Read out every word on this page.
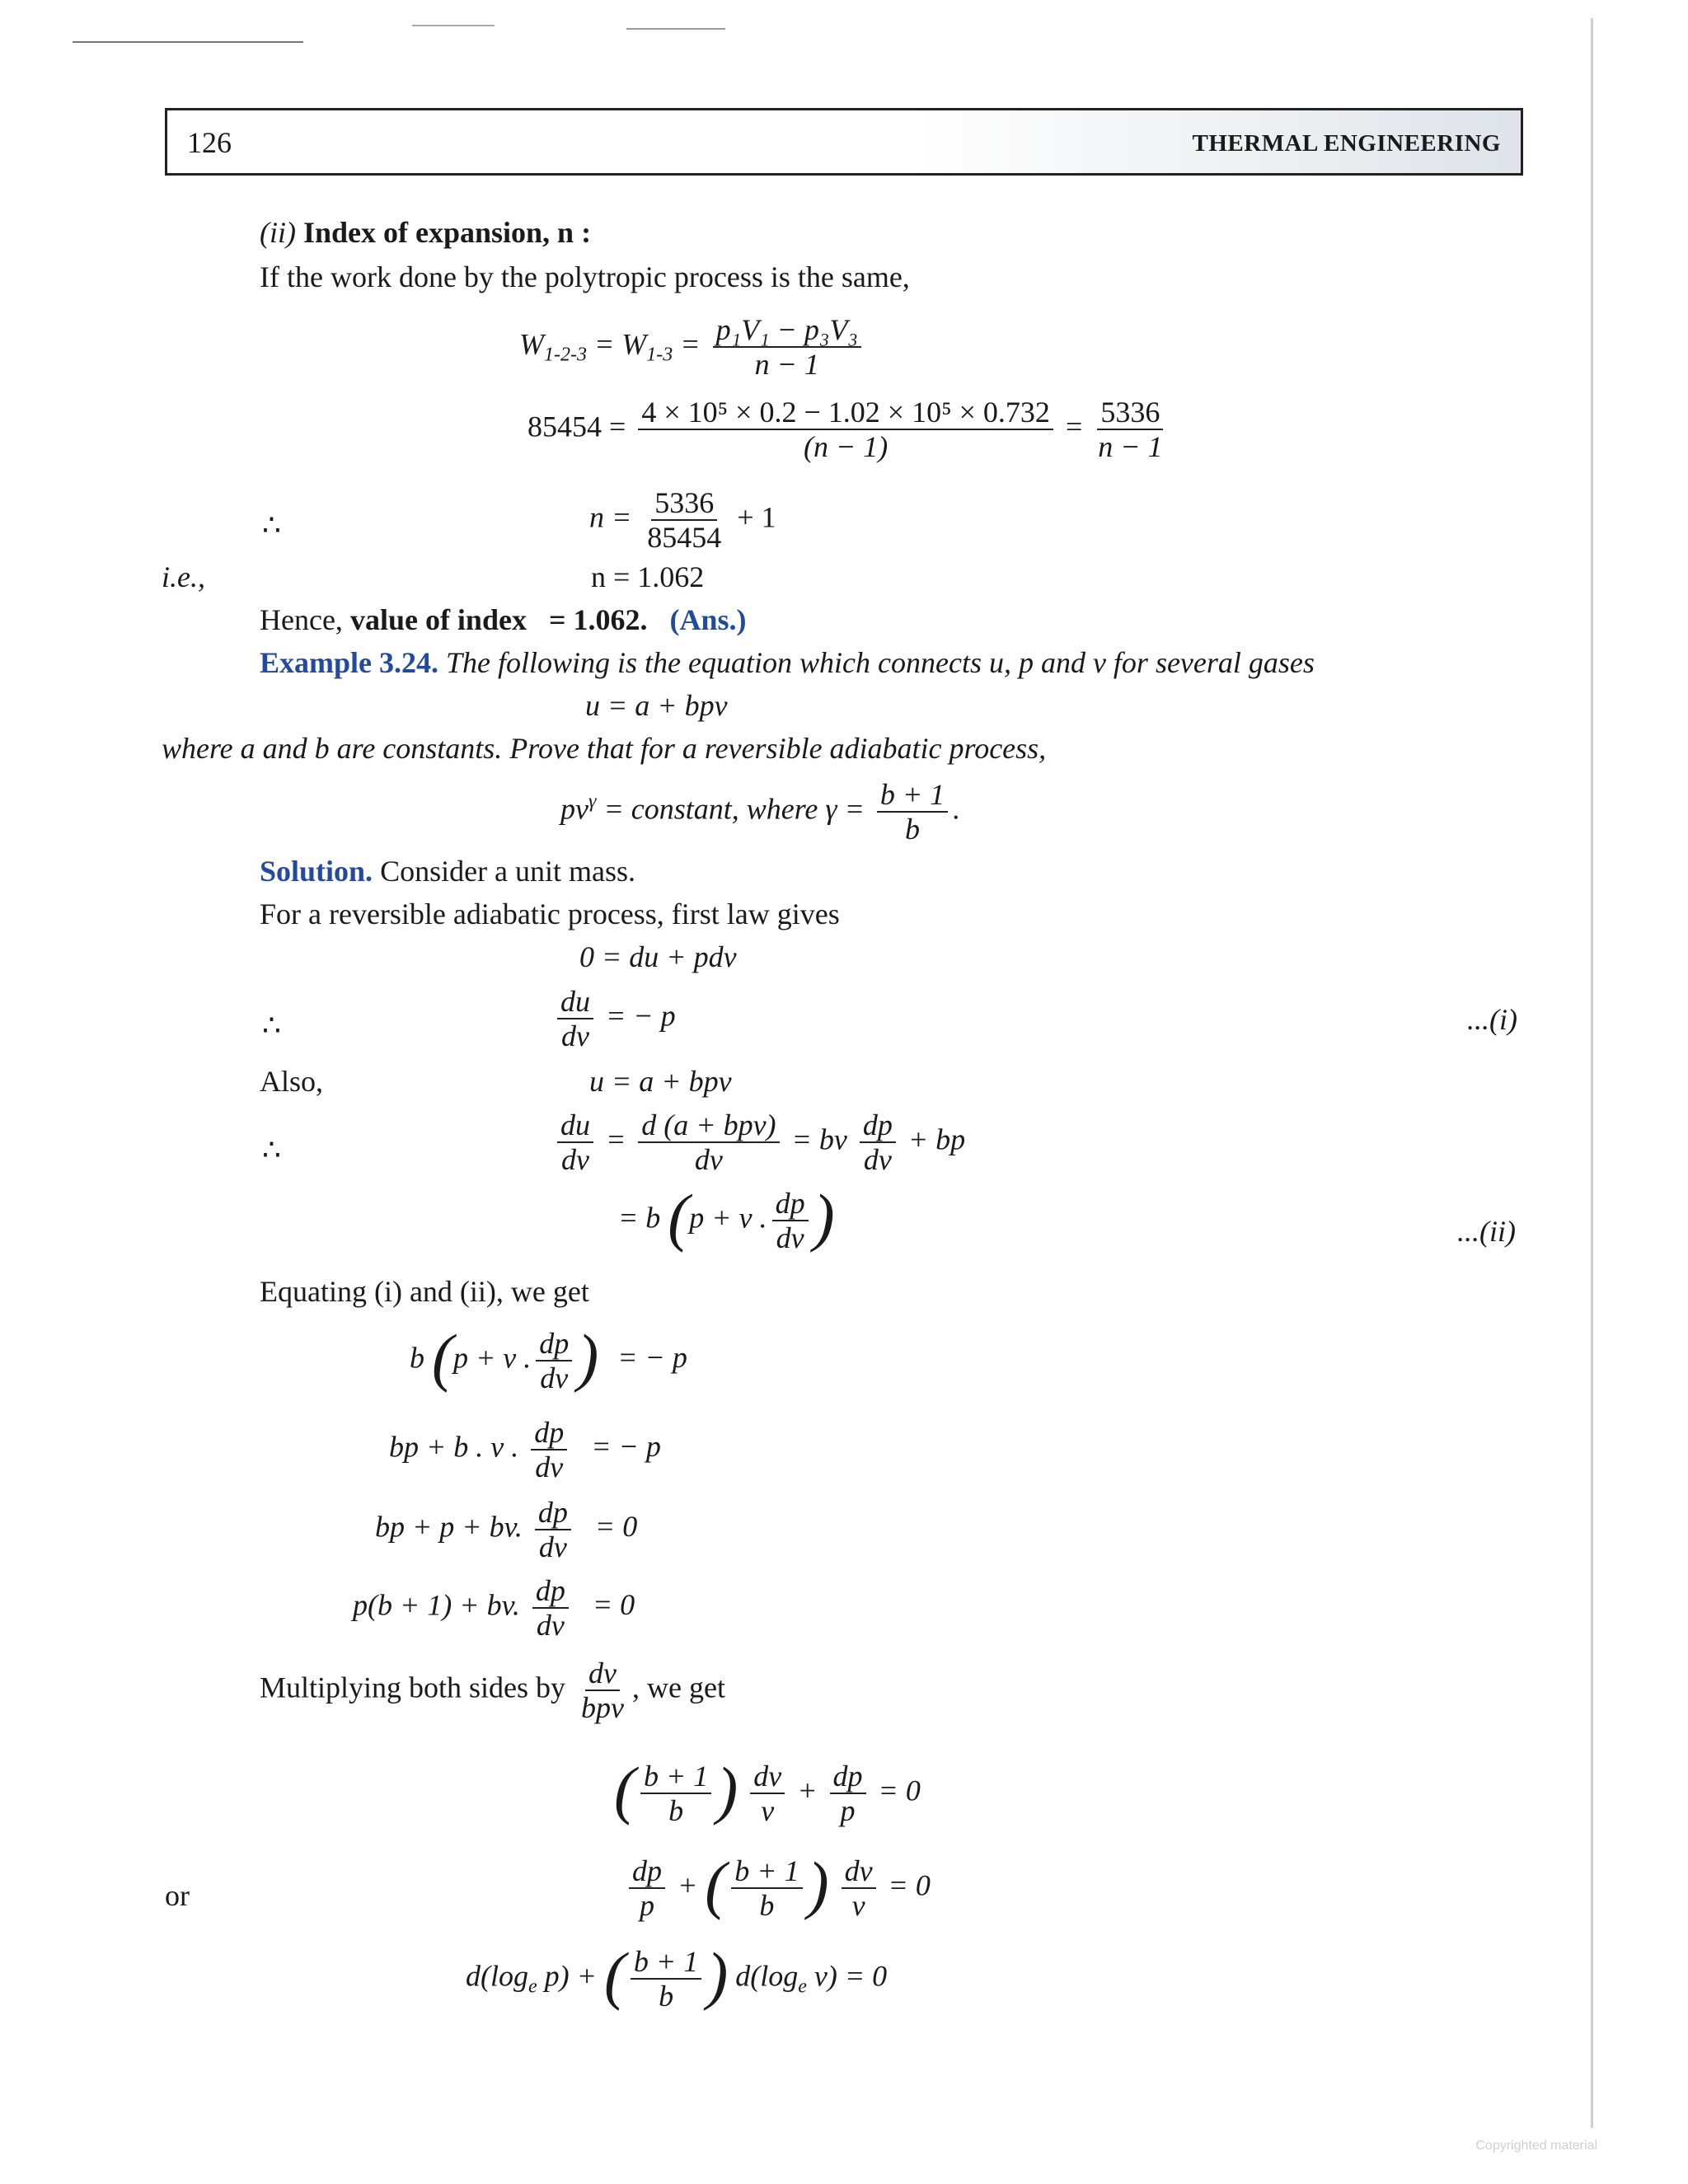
126	THERMAL ENGINEERING
(ii) Index of expansion, n :
If the work done by the polytropic process is the same,
$W_{1-2-3} = W_{1-3} = \frac{\text{p₁V₁ − p₃V₃}}{n - 1}$
$85454 = \frac{\text{4 × 10⁵ × 0.2 − 1.02 × 10⁵ × 0.732}}{(n - 1)} = \frac{5336}{n - 1}$
∴	$n = \frac{5336}{85454} + 1$
i.e.,	n = 1.062
Hence, value of index   = 1.062. (Ans.)
Example 3.24. The following is the equation which connects u, p and v for several gases
u = a + bpv
where a and b are constants. Prove that for a reversible adiabatic process,
$pv^\gamma$ = constant, where $\gamma = \frac{b + 1}{b}$ .
Solution. Consider a unit mass.
For a reversible adiabatic process, first law gives
0 = du + pdv
∴	$\frac{du}{dv}$ = − p	...(i)
Also,	u = a + bpv
∴	$\frac{du}{dv} = \frac{\text{d (a + bpv)}}{dv}$ = bv $\frac{dp}{dv}$ + bp
= b (p + v . $\frac{dp}{dv}$ )	...(ii)
Equating (i) and (ii), we get
b (p + v . $\frac{dp}{dv}$ ) = − p
bp + b . v . $\frac{dp}{dv}$ = − p
bp + p + bv. $\frac{dp}{dv} = 0$
p(b + 1) + bv. $\frac{dp}{dv} = 0$
Multiplying both sides by $\frac{dv}{\text{bpv}}$ , we get
( $\frac{b + 1}{b}$ ) $\frac{dv}{v} + \frac{dp}{p} = 0$
or	$\frac{dp}{p}$ + ( $\frac{b + 1}{b}$ ) $\frac{dv}{v} = 0$
$d(\log_e$ p) + ( $\frac{b + 1}{b}$ ) $d(\log_e$ v) = 0
Copyrighted material
